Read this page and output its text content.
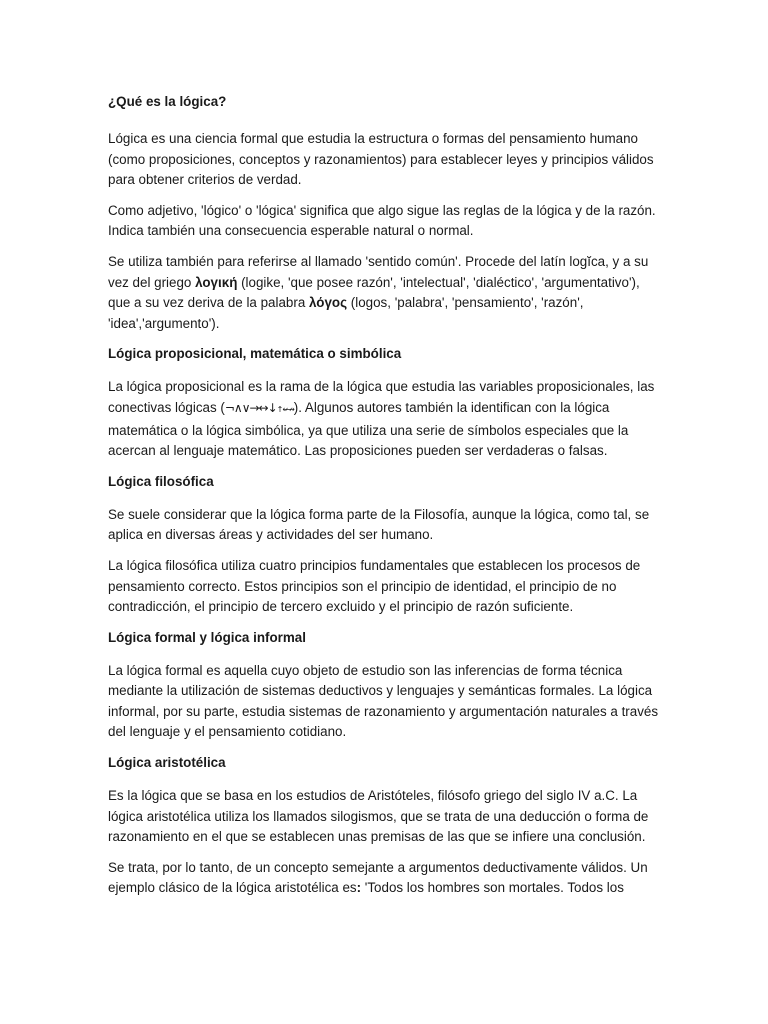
¿Qué es la lógica?

Lógica es una ciencia formal que estudia la estructura o formas del pensamiento humano (como proposiciones, conceptos y razonamientos) para establecer leyes y principios válidos para obtener criterios de verdad.

Como adjetivo, 'lógico' o 'lógica' significa que algo sigue las reglas de la lógica y de la razón. Indica también una consecuencia esperable natural o normal.

Se utiliza también para referirse al llamado 'sentido común'. Procede del latín logĭca, y a su vez del griego λογική (logike, 'que posee razón', 'intelectual', 'dialéctico', 'argumentativo'), que a su vez deriva de la palabra λόγος (logos, 'palabra', 'pensamiento', 'razón', 'idea','argumento').

Lógica proposicional, matemática o simbólica

La lógica proposicional es la rama de la lógica que estudia las variables proposicionales, las conectivas lógicas (¬∧∨→↔↓↑↚↛). Algunos autores también la identifican con la lógica matemática o la lógica simbólica, ya que utiliza una serie de símbolos especiales que la acercan al lenguaje matemático. Las proposiciones pueden ser verdaderas o falsas.

Lógica filosófica

Se suele considerar que la lógica forma parte de la Filosofía, aunque la lógica, como tal, se aplica en diversas áreas y actividades del ser humano.

La lógica filosófica utiliza cuatro principios fundamentales que establecen los procesos de pensamiento correcto. Estos principios son el principio de identidad, el principio de no contradicción, el principio de tercero excluido y el principio de razón suficiente.

Lógica formal y lógica informal

La lógica formal es aquella cuyo objeto de estudio son las inferencias de forma técnica mediante la utilización de sistemas deductivos y lenguajes y semánticas formales. La lógica informal, por su parte, estudia sistemas de razonamiento y argumentación naturales a través del lenguaje y el pensamiento cotidiano.

Lógica aristotélica

Es la lógica que se basa en los estudios de Aristóteles, filósofo griego del siglo IV a.C. La lógica aristotélica utiliza los llamados silogismos, que se trata de una deducción o forma de razonamiento en el que se establecen unas premisas de las que se infiere una conclusión.

Se trata, por lo tanto, de un concepto semejante a argumentos deductivamente válidos. Un ejemplo clásico de la lógica aristotélica es: 'Todos los hombres son mortales. Todos los
